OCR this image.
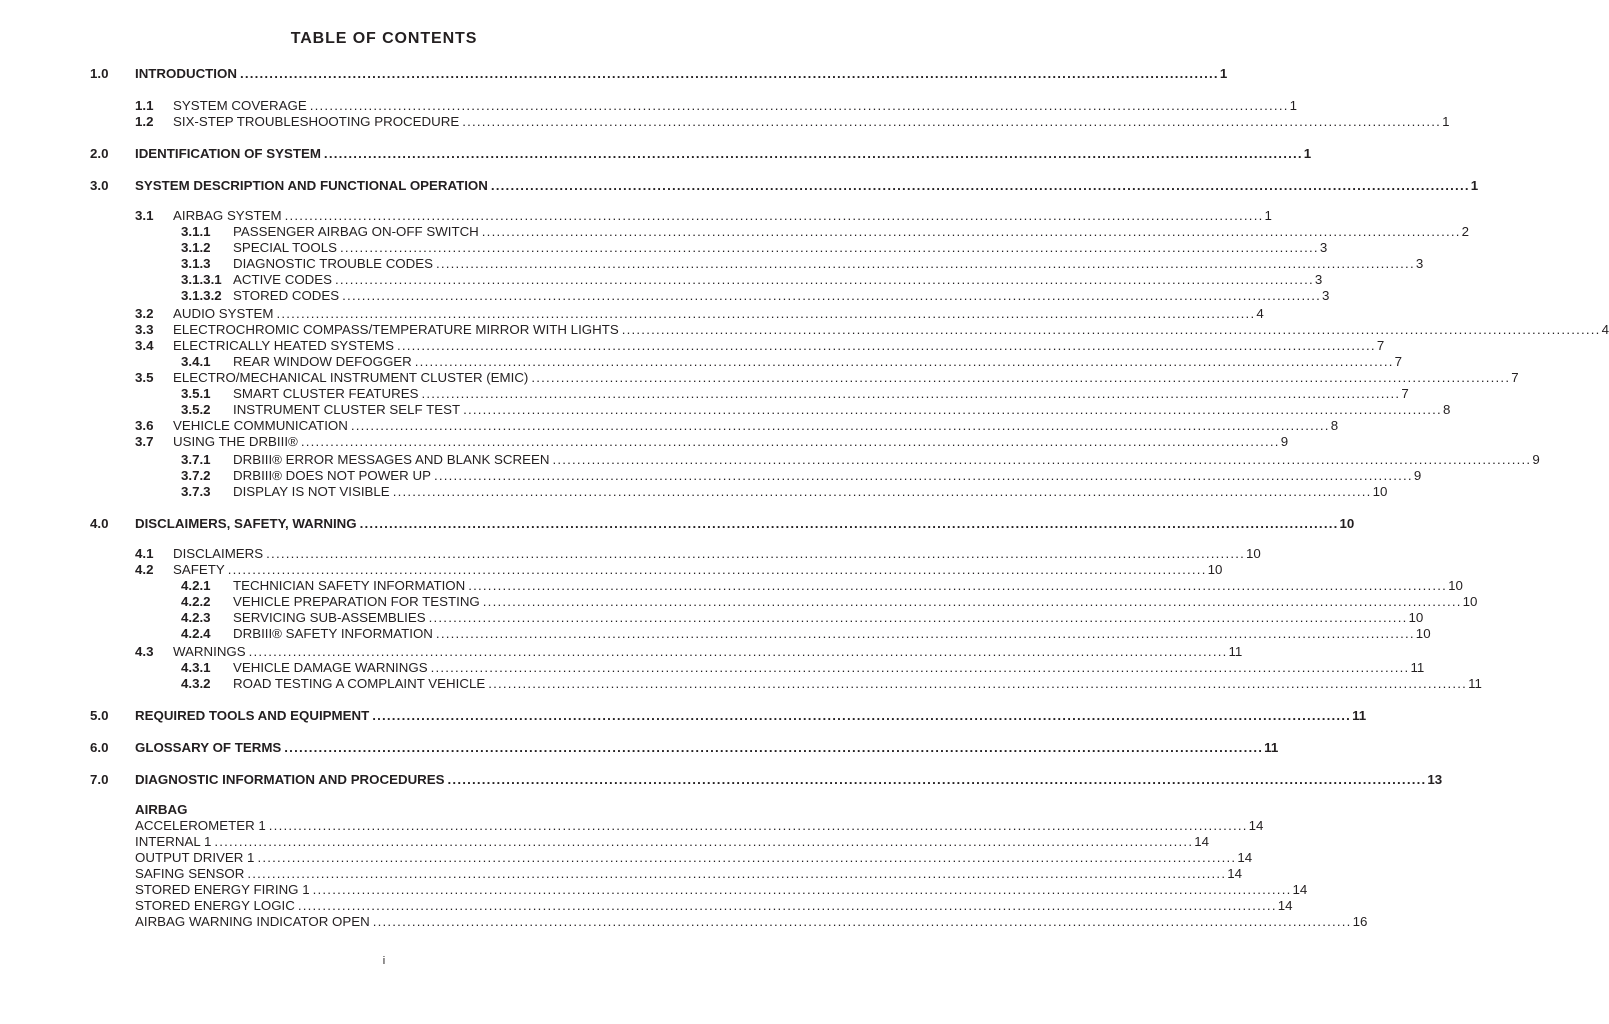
TABLE OF CONTENTS
1.0	INTRODUCTION ........................................................................................................................................................................................................ 1
1.1	SYSTEM COVERAGE ........................................................................................................................................................................................................ 1
1.2	SIX-STEP TROUBLESHOOTING PROCEDURE ........................................................................................................................................................................................................ 1
2.0	IDENTIFICATION OF SYSTEM ........................................................................................................................................................................................................ 1
3.0	SYSTEM DESCRIPTION AND FUNCTIONAL OPERATION ........................................................................................................................................................................................................ 1
3.1	AIRBAG SYSTEM ........................................................................................................................................................................................................ 1
3.1.1	PASSENGER AIRBAG ON-OFF SWITCH ........................................................................................................................................................................................................ 2
3.1.2	SPECIAL TOOLS ........................................................................................................................................................................................................ 3
3.1.3	DIAGNOSTIC TROUBLE CODES ........................................................................................................................................................................................................ 3
3.1.3.1 ACTIVE CODES ........................................................................................................................................................................................................ 3
3.1.3.2 STORED CODES ........................................................................................................................................................................................................ 3
3.2	AUDIO SYSTEM ........................................................................................................................................................................................................ 4
3.3	ELECTROCHROMIC COMPASS/TEMPERATURE MIRROR WITH LIGHTS ........................................................................................................................................................................................................ 4
3.4	ELECTRICALLY HEATED SYSTEMS ........................................................................................................................................................................................................ 7
3.4.1	REAR WINDOW DEFOGGER ........................................................................................................................................................................................................ 7
3.5	ELECTRO/MECHANICAL INSTRUMENT CLUSTER (EMIC) ........................................................................................................................................................................................................ 7
3.5.1	SMART CLUSTER FEATURES ........................................................................................................................................................................................................ 7
3.5.2	INSTRUMENT CLUSTER SELF TEST ........................................................................................................................................................................................................ 8
3.6	VEHICLE COMMUNICATION ........................................................................................................................................................................................................ 8
3.7	USING THE DRBIII® ........................................................................................................................................................................................................ 9
3.7.1	DRBIII® ERROR MESSAGES AND BLANK SCREEN ........................................................................................................................................................................................................ 9
3.7.2	DRBIII® DOES NOT POWER UP ........................................................................................................................................................................................................ 9
3.7.3	DISPLAY IS NOT VISIBLE ........................................................................................................................................................................................................ 10
4.0	DISCLAIMERS, SAFETY, WARNING ........................................................................................................................................................................................................ 10
4.1	DISCLAIMERS ........................................................................................................................................................................................................ 10
4.2	SAFETY ........................................................................................................................................................................................................ 10
4.2.1	TECHNICIAN SAFETY INFORMATION ........................................................................................................................................................................................................ 10
4.2.2	VEHICLE PREPARATION FOR TESTING ........................................................................................................................................................................................................ 10
4.2.3	SERVICING SUB-ASSEMBLIES ........................................................................................................................................................................................................ 10
4.2.4	DRBIII® SAFETY INFORMATION ........................................................................................................................................................................................................ 10
4.3	WARNINGS ........................................................................................................................................................................................................ 11
4.3.1	VEHICLE DAMAGE WARNINGS ........................................................................................................................................................................................................ 11
4.3.2	ROAD TESTING A COMPLAINT VEHICLE ........................................................................................................................................................................................................ 11
5.0	REQUIRED TOOLS AND EQUIPMENT ........................................................................................................................................................................................................ 11
6.0	GLOSSARY OF TERMS ........................................................................................................................................................................................................ 11
7.0	DIAGNOSTIC INFORMATION AND PROCEDURES ........................................................................................................................................................................................................ 13
AIRBAG
ACCELEROMETER 1 ........................................................................................................................................................................................................ 14
INTERNAL 1 ........................................................................................................................................................................................................ 14
OUTPUT DRIVER 1 ........................................................................................................................................................................................................ 14
SAFING SENSOR ........................................................................................................................................................................................................ 14
STORED ENERGY FIRING 1 ........................................................................................................................................................................................................ 14
STORED ENERGY LOGIC ........................................................................................................................................................................................................ 14
AIRBAG WARNING INDICATOR OPEN ........................................................................................................................................................................................................ 16
i
